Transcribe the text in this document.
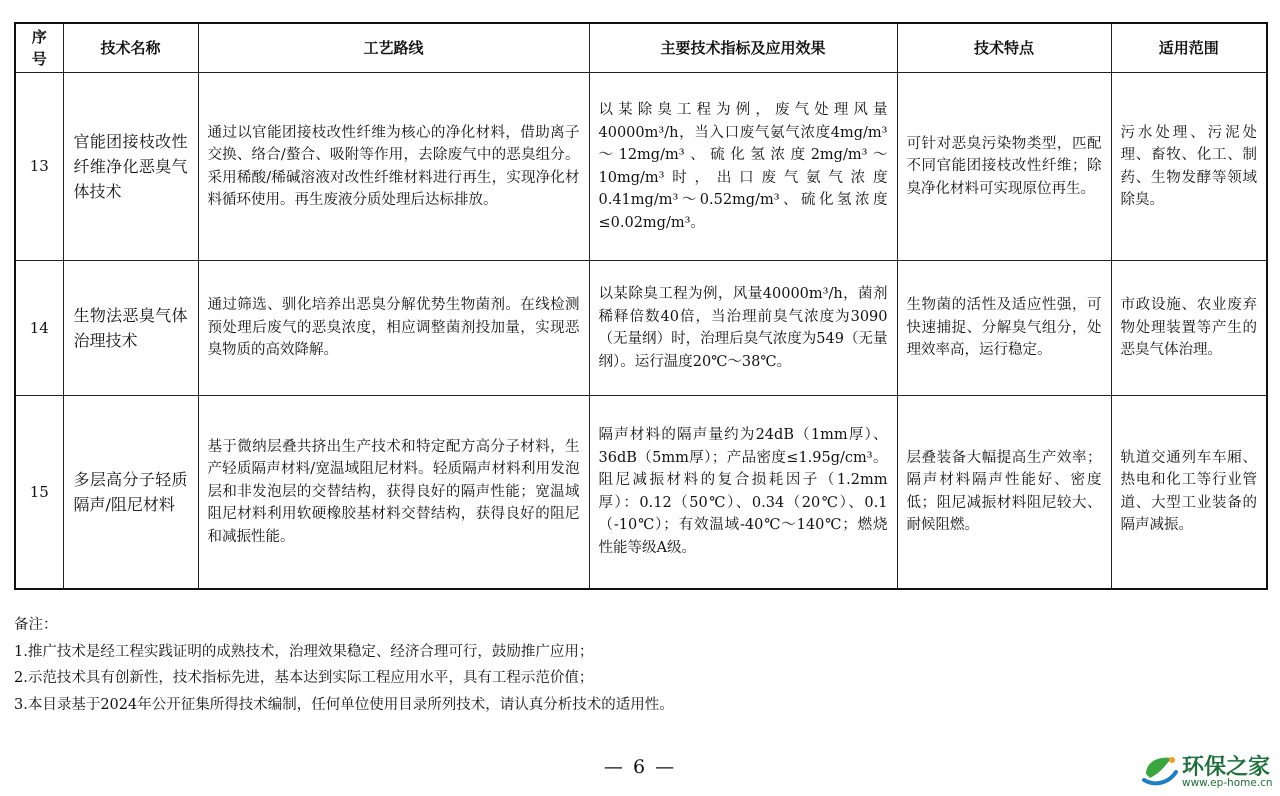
序号	技术名称	工艺路线	主要技术指标及应用效果	技术特点	适用范围
13	官能团接枝改性纤维净化恶臭气体技术	通过以官能团接枝改性纤维为核心的净化材料，借助离子交换、络合/螯合、吸附等作用，去除废气中的恶臭组分。采用稀酸/稀碱溶液对改性纤维材料进行再生，实现净化材料循环使用。再生废液分质处理后达标排放。	以某除臭工程为例，废气处理风量40000m³/h，当入口废气氨气浓度4mg/m³～12mg/m³、硫化氢浓度2mg/m³～10mg/m³时，出口废气氨气浓度0.41mg/m³～0.52mg/m³、硫化氢浓度≤0.02mg/m³。	可针对恶臭污染物类型，匹配不同官能团接枝改性纤维；除臭净化材料可实现原位再生。	污水处理、污泥处理、畜牧、化工、制药、生物发酵等领域除臭。
14	生物法恶臭气体治理技术	通过筛选、驯化培养出恶臭分解优势生物菌剂。在线检测预处理后废气的恶臭浓度，相应调整菌剂投加量，实现恶臭物质的高效降解。	以某除臭工程为例，风量40000m³/h，菌剂稀释倍数40倍，当治理前臭气浓度为3090（无量纲）时，治理后臭气浓度为549（无量纲）。运行温度20℃～38℃。	生物菌的活性及适应性强，可快速捕捉、分解臭气组分，处理效率高，运行稳定。	市政设施、农业废弃物处理装置等产生的恶臭气体治理。
15	多层高分子轻质隔声/阻尼材料	基于微纳层叠共挤出生产技术和特定配方高分子材料，生产轻质隔声材料/宽温域阻尼材料。轻质隔声材料利用发泡层和非发泡层的交替结构，获得良好的隔声性能；宽温域阻尼材料利用软硬橡胶基材料交替结构，获得良好的阻尼和减振性能。	隔声材料的隔声量约为24dB（1mm厚）、36dB（5mm厚）；产品密度≤1.95g/cm³。阻尼减振材料的复合损耗因子（1.2mm厚）：0.12（50℃）、0.34（20℃）、0.1（-10℃）；有效温域-40℃～140℃；燃烧性能等级A级。	层叠装备大幅提高生产效率；隔声材料隔声性能好、密度低；阻尼减振材料阻尼较大、耐候阻燃。	轨道交通列车车厢、热电和化工等行业管道、大型工业装备的隔声减振。
备注：
1.推广技术是经工程实践证明的成熟技术，治理效果稳定、经济合理可行，鼓励推广应用；
2.示范技术具有创新性，技术指标先进，基本达到实际工程应用水平，具有工程示范价值；
3.本目录基于2024年公开征集所得技术编制，任何单位使用目录所列技术，请认真分析技术的适用性。
— 6 —	环保之家
www.ep-home.cn
